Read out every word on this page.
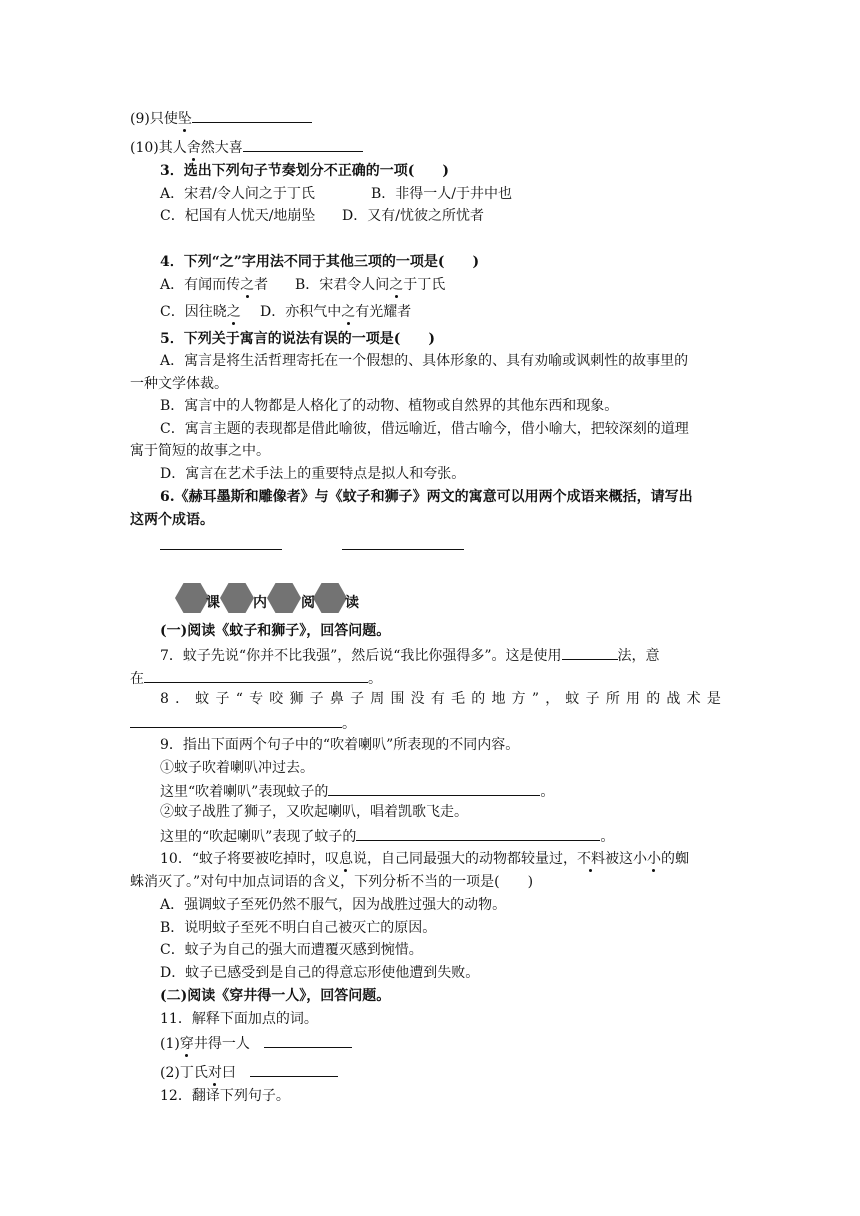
(9)只使坠
(10)其人舍然大喜
3．选出下列句子节奏划分不正确的一项(　　)
A．宋君/令人问之于丁氏	B．非得一人/于井中也
C．杞国有人忧天/地崩坠 D．又有/忧彼之所忧者
4．下列“之”字用法不同于其他三项的一项是(　　)
A．有闻而传之者 B．宋君令人问之于丁氏
C．因往晓之 D．亦积气中之有光耀者
5．下列关于寓言的说法有误的一项是(　　)
A．寓言是将生活哲理寄托在一个假想的、具体形象的、具有劝喻或讽刺性的故事里的
一种文学体裁。
B．寓言中的人物都是人格化了的动物、植物或自然界的其他东西和现象。
C．寓言主题的表现都是借此喻彼，借远喻近，借古喻今，借小喻大，把较深刻的道理
寓于简短的故事之中。
D．寓言在艺术手法上的重要特点是拟人和夸张。
6.《赫耳墨斯和雕像者》与《蚊子和狮子》两文的寓意可以用两个成语来概括，请写出
这两个成语。
课 内 阅 读
(一)阅读《蚊子和狮子》，回答问题。
7．蚊子先说“你并不比我强”，然后说“我比你强得多”。这是使用	法，意
在	。
8．蚊子“专咬狮子鼻子周围没有毛的地方”，蚊子所用的战术是
。
9．指出下面两个句子中的“吹着喇叭”所表现的不同内容。
①蚊子吹着喇叭冲过去。
这里“吹着喇叭”表现蚊子的	。
②蚊子战胜了狮子，又吹起喇叭，唱着凯歌飞走。
这里的“吹起喇叭”表现了蚊子的	。
10．“蚊子将要被吃掉时，叹息说，自己同最强大的动物都较量过，不料被这小小的蜘
蛛消灭了。”对句中加点词语的含义，下列分析不当的一项是(　　)
A．强调蚊子至死仍然不服气，因为战胜过强大的动物。
B．说明蚊子至死不明白自己被灭亡的原因。
C．蚊子为自己的强大而遭覆灭感到惋惜。
D．蚊子已感受到是自己的得意忘形使他遭到失败。
(二)阅读《穿井得一人》，回答问题。
11．解释下面加点的词。
(1)穿井得一人
(2)丁氏对曰
12．翻译下列句子。
